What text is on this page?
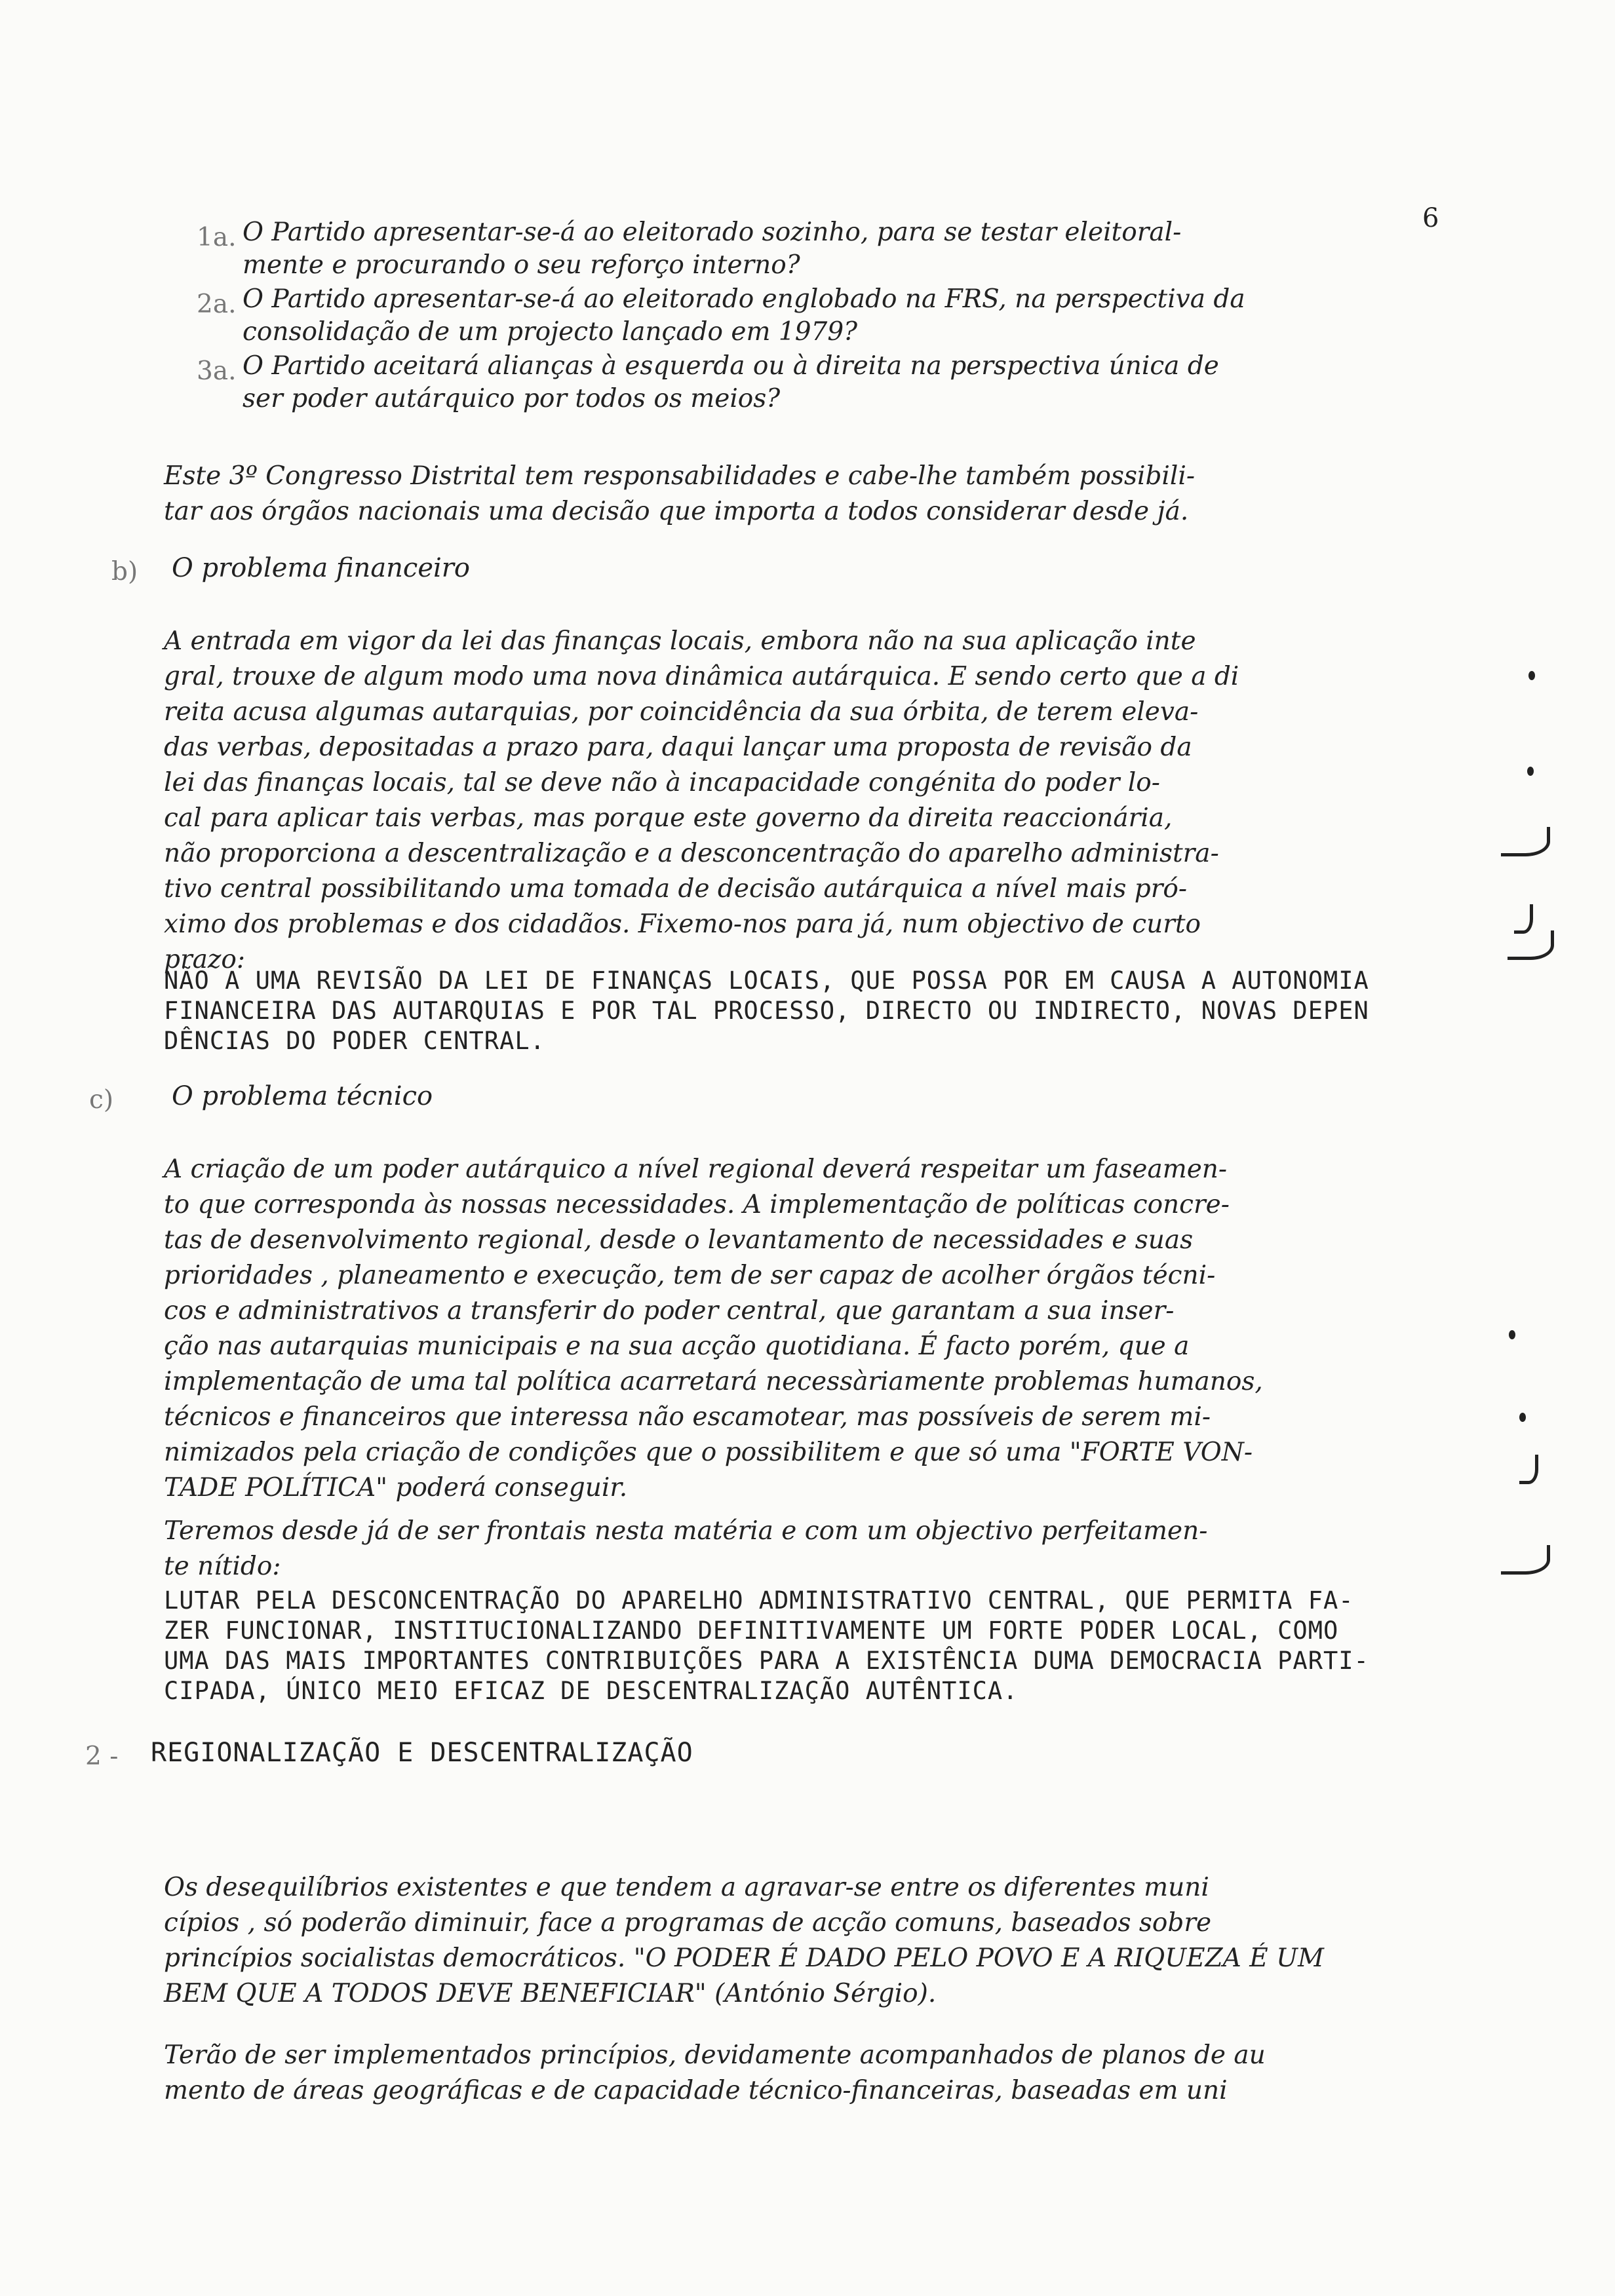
6
1a. O Partido apresentar-se-á ao eleitorado sozinho, para se testar eleitoral-
mente e procurando o seu reforço interno?
2a. O Partido apresentar-se-á ao eleitorado englobado na FRS, na perspectiva da
consolidação de um projecto lançado em 1979?
3a. O Partido aceitará alianças à esquerda ou à direita na perspectiva única de
ser poder autárquico por todos os meios?
Este 3º Congresso Distrital tem responsabilidades e cabe-lhe também possibili-
tar aos órgãos nacionais uma decisão que importa a todos considerar desde já.
b) O problema financeiro
A entrada em vigor da lei das finanças locais, embora não na sua aplicação inte
gral, trouxe de algum modo uma nova dinâmica autárquica. E sendo certo que a di
reita acusa algumas autarquias, por coincidência da sua órbita, de terem eleva-
das verbas, depositadas a prazo para, daqui lançar uma proposta de revisão da
lei das finanças locais, tal se deve não à incapacidade congénita do poder lo-
cal para aplicar tais verbas, mas porque este governo da direita reaccionária,
não proporciona a descentralização e a desconcentração do aparelho administra-
tivo central possibilitando uma tomada de decisão autárquica a nível mais pró-
ximo dos problemas e dos cidadãos. Fixemo-nos para já, num objectivo de curto
prazo:
NÃO A UMA REVISÃO DA LEI DE FINANÇAS LOCAIS, QUE POSSA POR EM CAUSA A AUTONOMIA
FINANCEIRA DAS AUTARQUIAS E POR TAL PROCESSO, DIRECTO OU INDIRECTO, NOVAS DEPEN
DÊNCIAS DO PODER CENTRAL.
c) O problema técnico
A criação de um poder autárquico a nível regional deverá respeitar um faseamen-
to que corresponda às nossas necessidades. A implementação de políticas concre-
tas de desenvolvimento regional, desde o levantamento de necessidades e suas
prioridades , planeamento e execução, tem de ser capaz de acolher órgãos técni-
cos e administrativos a transferir do poder central, que garantam a sua inser-
ção nas autarquias municipais e na sua acção quotidiana. É facto porém, que a
implementação de uma tal política acarretará necessàriamente problemas humanos,
técnicos e financeiros que interessa não escamotear, mas possíveis de serem mi-
nimizados pela criação de condições que o possibilitem e que só uma "FORTE VON-
TADE POLÍTICA" poderá conseguir.
Teremos desde já de ser frontais nesta matéria e com um objectivo perfeitamen-
te nítido:
LUTAR PELA DESCONCENTRAÇÃO DO APARELHO ADMINISTRATIVO CENTRAL, QUE PERMITA FA-
ZER FUNCIONAR, INSTITUCIONALIZANDO DEFINITIVAMENTE UM FORTE PODER LOCAL, COMO
UMA DAS MAIS IMPORTANTES CONTRIBUIÇÕES PARA A EXISTÊNCIA DUMA DEMOCRACIA PARTI-
CIPADA, ÚNICO MEIO EFICAZ DE DESCENTRALIZAÇÃO AUTÊNTICA.
2 - REGIONALIZAÇÃO E DESCENTRALIZAÇÃO
Os desequilíbrios existentes e que tendem a agravar-se entre os diferentes muni
cípios , só poderão diminuir, face a programas de acção comuns, baseados sobre
princípios socialistas democráticos. "O PODER É DADO PELO POVO E A RIQUEZA É UM
BEM QUE A TODOS DEVE BENEFICIAR" (António Sérgio).
Terão de ser implementados princípios, devidamente acompanhados de planos de au
mento de áreas geográficas e de capacidade técnico-financeiras, baseadas em uni
